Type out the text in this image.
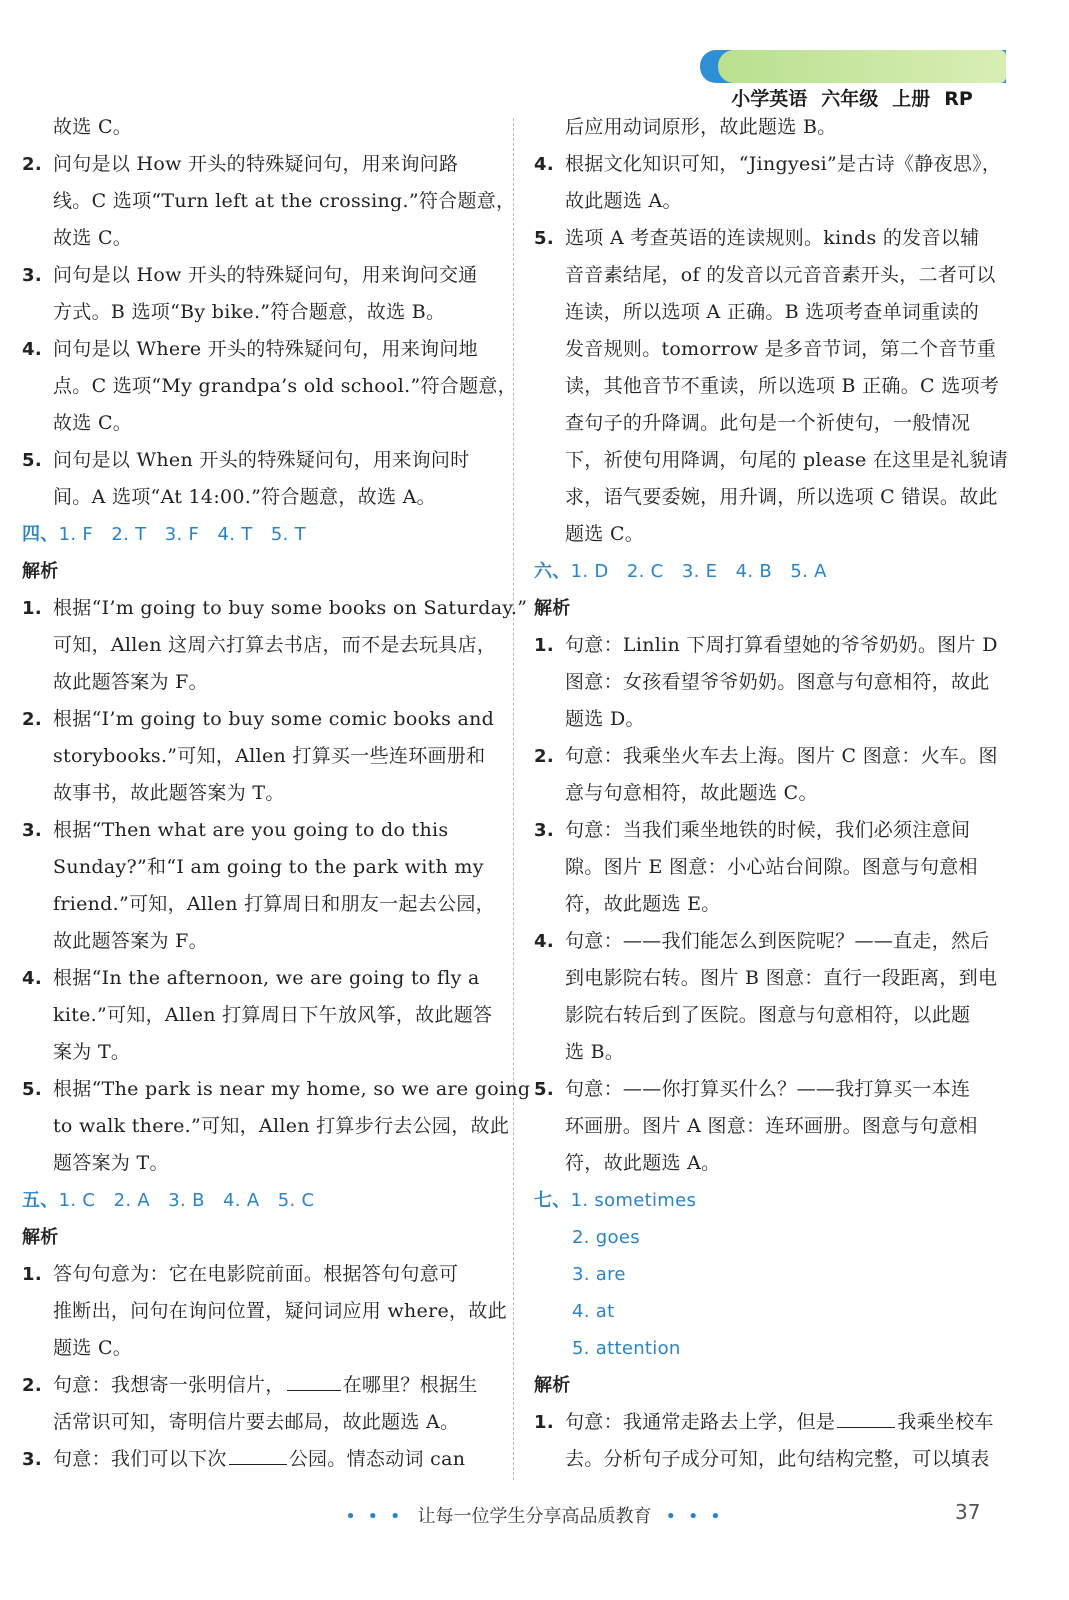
小学英语 六年级 上册 RP

故选 C。
2. 问句是以 How 开头的特殊疑问句，用来询问路
线。C 选项“Turn left at the crossing.”符合题意，
故选 C。
3. 问句是以 How 开头的特殊疑问句，用来询问交通
方式。B 选项“By bike.”符合题意，故选 B。
4. 问句是以 Where 开头的特殊疑问句，用来询问地
点。C 选项“My grandpa’s old school.”符合题意，
故选 C。
5. 问句是以 When 开头的特殊疑问句，用来询问时
间。A 选项“At 14:00.”符合题意，故选 A。
四、1. F　2. T　3. F　4. T　5. T
解析
1. 根据“I’m going to buy some books on Saturday.”
可知，Allen 这周六打算去书店，而不是去玩具店，
故此题答案为 F。
2. 根据“I’m going to buy some comic books and
storybooks.”可知，Allen 打算买一些连环画册和
故事书，故此题答案为 T。
3. 根据“Then what are you going to do this
Sunday?”和“I am going to the park with my
friend.”可知，Allen 打算周日和朋友一起去公园，
故此题答案为 F。
4. 根据“In the afternoon, we are going to fly a
kite.”可知，Allen 打算周日下午放风筝，故此题答
案为 T。
5. 根据“The park is near my home, so we are going
to walk there.”可知，Allen 打算步行去公园，故此
题答案为 T。
五、1. C　2. A　3. B　4. A　5. C
解析
1. 答句句意为：它在电影院前面。根据答句句意可
推断出，问句在询问位置，疑问词应用 where，故此
题选 C。
2. 句意：我想寄一张明信片，	在哪里？根据生
活常识可知，寄明信片要去邮局，故此题选 A。
3. 句意：我们可以下次	公园。情态动词 can
后应用动词原形，故此题选 B。
4. 根据文化知识可知，“Jingyesi”是古诗《静夜思》，
故此题选 A。
5. 选项 A 考查英语的连读规则。kinds 的发音以辅
音音素结尾，of 的发音以元音音素开头，二者可以
连读，所以选项 A 正确。B 选项考查单词重读的
发音规则。tomorrow 是多音节词，第二个音节重
读，其他音节不重读，所以选项 B 正确。C 选项考
查句子的升降调。此句是一个祈使句，一般情况
下，祈使句用降调，句尾的 please 在这里是礼貌请
求，语气要委婉，用升调，所以选项 C 错误。故此
题选 C。
六、1. D　2. C　3. E　4. B　5. A
解析
1. 句意：Linlin 下周打算看望她的爷爷奶奶。图片 D
图意：女孩看望爷爷奶奶。图意与句意相符，故此
题选 D。
2. 句意：我乘坐火车去上海。图片 C 图意：火车。图
意与句意相符，故此题选 C。
3. 句意：当我们乘坐地铁的时候，我们必须注意间
隙。图片 E 图意：小心站台间隙。图意与句意相
符，故此题选 E。
4. 句意：——我们能怎么到医院呢？——直走，然后
到电影院右转。图片 B 图意：直行一段距离，到电
影院右转后到了医院。图意与句意相符，以此题
选 B。
5. 句意：——你打算买什么？——我打算买一本连
环画册。图片 A 图意：连环画册。图意与句意相
符，故此题选 A。
七、1. sometimes
2. goes
3. are
4. at
5. attention
解析
1. 句意：我通常走路去上学，但是	我乘坐校车
去。分析句子成分可知，此句结构完整，可以填表
• • • 让每一位学生分享高品质教育 • • •	37
